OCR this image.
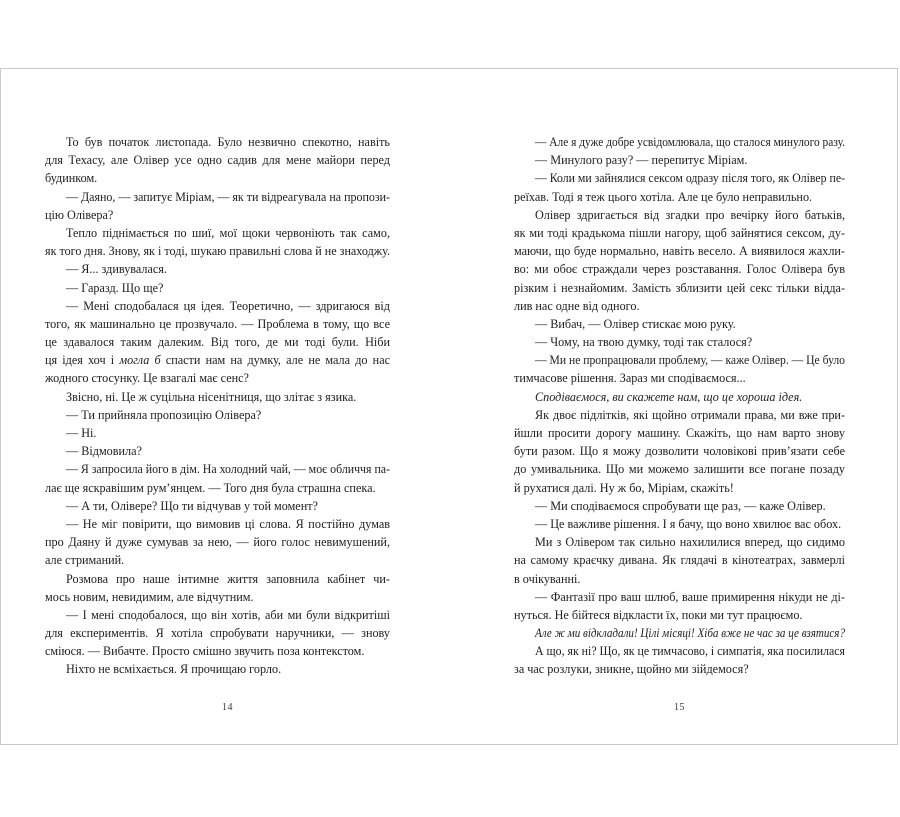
То був початок листопада. Було незвично спекотно, навіть
для Техасу, але Олівер усе одно садив для мене майори перед
будинком.
— Даяно, — запитує Міріам, — як ти відреагувала на пропози-
цію Олівера?
Тепло піднімається по шиї, мої щоки червоніють так само,
як того дня. Знову, як і тоді, шукаю правильні слова й не знаходжу.
— Я... здивувалася.
— Гаразд. Що ще?
— Мені сподобалася ця ідея. Теоретично, — здригаюся від
того, як машинально це прозвучало. — Проблема в тому, що все
це здавалося таким далеким. Від того, де ми тоді були. Ніби
ця ідея хоч і могла б спасти нам на думку, але не мала до нас
жодного стосунку. Це взагалі має сенс?
Звісно, ні. Це ж суцільна нісенітниця, що злітає з язика.
— Ти прийняла пропозицію Олівера?
— Ні.
— Відмовила?
— Я запросила його в дім. На холодний чай, — моє обличчя па-
лає ще яскравішим рум’янцем. — Того дня була страшна спека.
— А ти, Олівере? Що ти відчував у той момент?
— Не міг повірити, що вимовив ці слова. Я постійно думав
про Даяну й дуже сумував за нею, — його голос невимушений,
але стриманий.
Розмова про наше інтимне життя заповнила кабінет чи-
мось новим, невидимим, але відчутним.
— І мені сподобалося, що він хотів, аби ми були відкритіші
для експериментів. Я хотіла спробувати наручники, — знову
сміюся. — Вибачте. Просто смішно звучить поза контекстом.
Ніхто не всміхається. Я прочищаю горло.
14
— Але я дуже добре усвідомлювала, що сталося минулого разу.
— Минулого разу? — перепитує Міріам.
— Коли ми зайнялися сексом одразу після того, як Олівер пе-
реїхав. Тоді я теж цього хотіла. Але це було неправильно.
Олівер здригається від згадки про вечірку його батьків,
як ми тоді крадькома пішли нагору, щоб зайнятися сексом, ду-
маючи, що буде нормально, навіть весело. А виявилося жахли-
во: ми обоє страждали через розставання. Голос Олівера був
різким і незнайомим. Замість зблизити цей секс тільки відда-
лив нас одне від одного.
— Вибач, — Олівер стискає мою руку.
— Чому, на твою думку, тоді так сталося?
— Ми не пропрацювали проблему, — каже Олівер. — Це було
тимчасове рішення. Зараз ми сподіваємося...
Сподіваємося, ви скажете нам, що це хороша ідея.
Як двоє підлітків, які щойно отримали права, ми вже при-
йшли просити дорогу машину. Скажіть, що нам варто знову
бути разом. Що я можу дозволити чоловікові прив’язати себе
до умивальника. Що ми можемо залишити все погане позаду
й рухатися далі. Ну ж бо, Міріам, скажіть!
— Ми сподіваємося спробувати ще раз, — каже Олівер.
— Це важливе рішення. І я бачу, що воно хвилює вас обох.
Ми з Олівером так сильно нахилилися вперед, що сидимо
на самому краєчку дивана. Як глядачі в кінотеатрах, завмерлі
в очікуванні.
— Фантазії про ваш шлюб, ваше примирення нікуди не ді-
нуться. Не бійтеся відкласти їх, поки ми тут працюємо.
Але ж ми відкладали! Цілі місяці! Хіба вже не час за це взятися?
А що, як ні? Що, як це тимчасово, і симпатія, яка посилилася
за час розлуки, зникне, щойно ми зійдемося?
15
